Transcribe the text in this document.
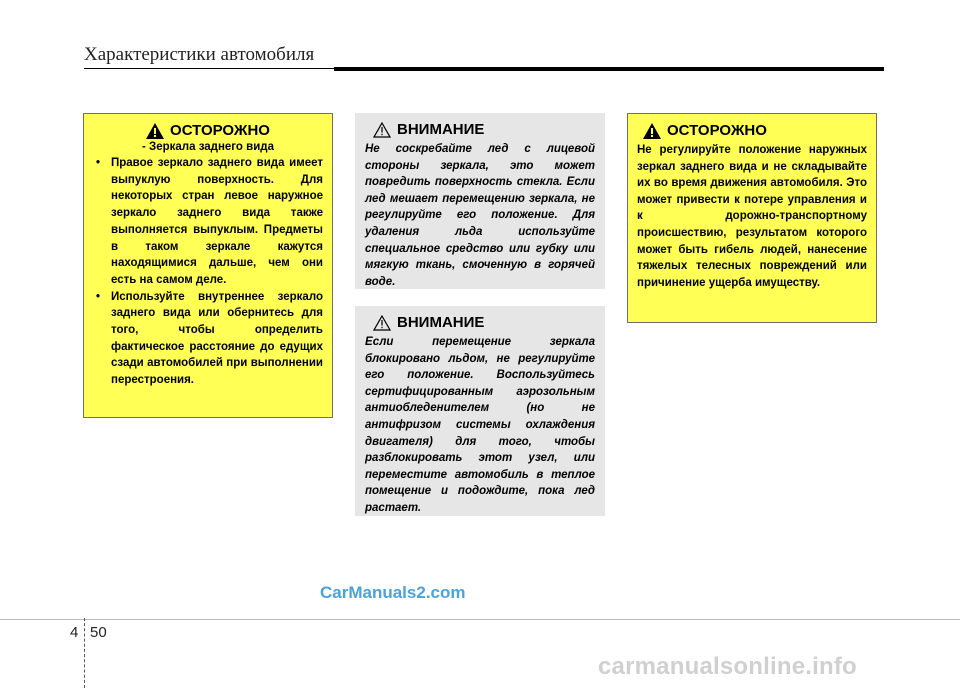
Характеристики автомобиля
ОСТОРОЖНО
- Зеркала заднего вида
• Правое зеркало заднего вида имеет выпуклую поверхность. Для некоторых стран левое наружное зеркало заднего вида также выполняется выпуклым. Предметы в таком зеркале кажутся находящимися дальше, чем они есть на самом деле.
• Используйте внутреннее зеркало заднего вида или обернитесь для того, чтобы определить фактическое расстояние до едущих сзади автомобилей при выполнении перестроения.
ВНИМАНИЕ

Не соскребайте лед с лицевой стороны зеркала, это может повредить поверхность стекла. Если лед мешает перемещению зеркала, не регулируйте его положение. Для удаления льда используйте специальное средство или губку или мягкую ткань, смоченную в горячей воде.

ВНИМАНИЕ

Если перемещение зеркала блокировано льдом, не регулируйте его положение. Воспользуйтесь сертифицированным аэрозольным антиобледенителем (но не антифризом системы охлаждения двигателя) для того, чтобы разблокировать этот узел, или переместите автомобиль в теплое помещение и подождите, пока лед растает.

ОСТОРОЖНО

Не регулируйте положение наружных зеркал заднего вида и не складывайте их во время движения автомобиля. Это может привести к потере управления и к дорожно-транспортному происшествию, результатом которого может быть гибель людей, нанесение тяжелых телесных повреждений или причинение ущерба имуществу.

CarManuals2.com
4 50
carmanualsonline.info
